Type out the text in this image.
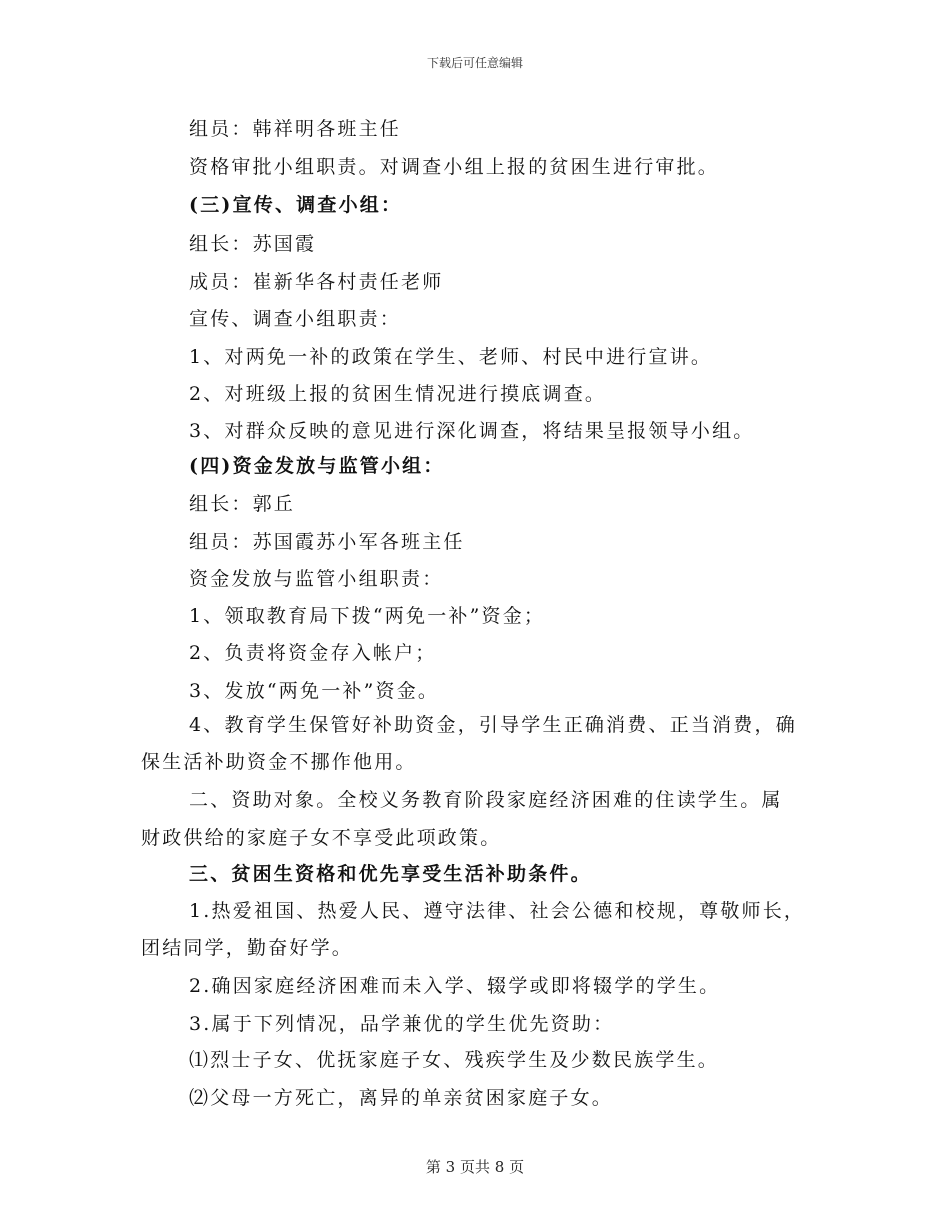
下载后可任意编辑
组员：韩祥明各班主任
资格审批小组职责。对调查小组上报的贫困生进行审批。
(三)宣传、调查小组：
组长：苏国霞
成员：崔新华各村责任老师
宣传、调查小组职责：
1、对两免一补的政策在学生、老师、村民中进行宣讲。
2、对班级上报的贫困生情况进行摸底调查。
3、对群众反映的意见进行深化调查，将结果呈报领导小组。
(四)资金发放与监管小组：
组长：郭丘
组员：苏国霞苏小军各班主任
资金发放与监管小组职责：
1、领取教育局下拨“两免一补”资金；
2、负责将资金存入帐户；
3、发放“两免一补”资金。
4、教育学生保管好补助资金，引导学生正确消费、正当消费，确
保生活补助资金不挪作他用。
二、资助对象。全校义务教育阶段家庭经济困难的住读学生。属
财政供给的家庭子女不享受此项政策。
三、贫困生资格和优先享受生活补助条件。
1.热爱祖国、热爱人民、遵守法律、社会公德和校规，尊敬师长，
团结同学，勤奋好学。
2.确因家庭经济困难而未入学、辍学或即将辍学的学生。
3.属于下列情况，品学兼优的学生优先资助：
⑴烈士子女、优抚家庭子女、残疾学生及少数民族学生。
⑵父母一方死亡，离异的单亲贫困家庭子女。
第 3 页共 8 页
